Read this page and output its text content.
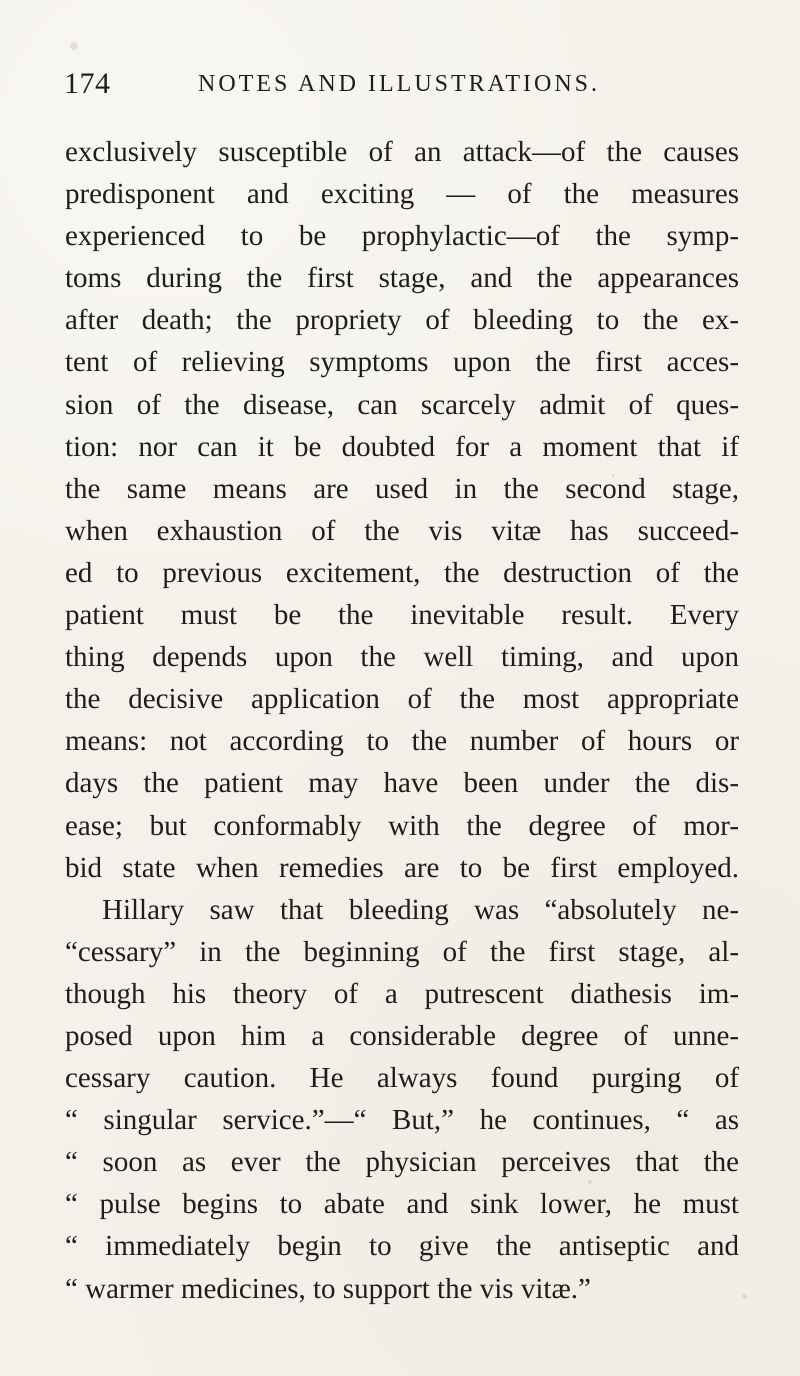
174	NOTES AND ILLUSTRATIONS.
exclusively susceptible of an attack—of the causes
predisponent and exciting — of the measures
experienced to be prophylactic—of the symp-
toms during the first stage, and the appearances
after death; the propriety of bleeding to the ex-
tent of relieving symptoms upon the first acces-
sion of the disease, can scarcely admit of ques-
tion: nor can it be doubted for a moment that if
the same means are used in the second stage,
when exhaustion of the vis vitæ has succeed-
ed to previous excitement, the destruction of the
patient must be the inevitable result. Every
thing depends upon the well timing, and upon
the decisive application of the most appropriate
means: not according to the number of hours or
days the patient may have been under the dis-
ease; but conformably with the degree of mor-
bid state when remedies are to be first employed.
Hillary saw that bleeding was “absolutely ne-
“cessary” in the beginning of the first stage, al-
though his theory of a putrescent diathesis im-
posed upon him a considerable degree of unne-
cessary caution. He always found purging of
“ singular service.”—“ But,” he continues, “ as
“ soon as ever the physician perceives that the
“ pulse begins to abate and sink lower, he must
“ immediately begin to give the antiseptic and
“ warmer medicines, to support the vis vitæ.”
